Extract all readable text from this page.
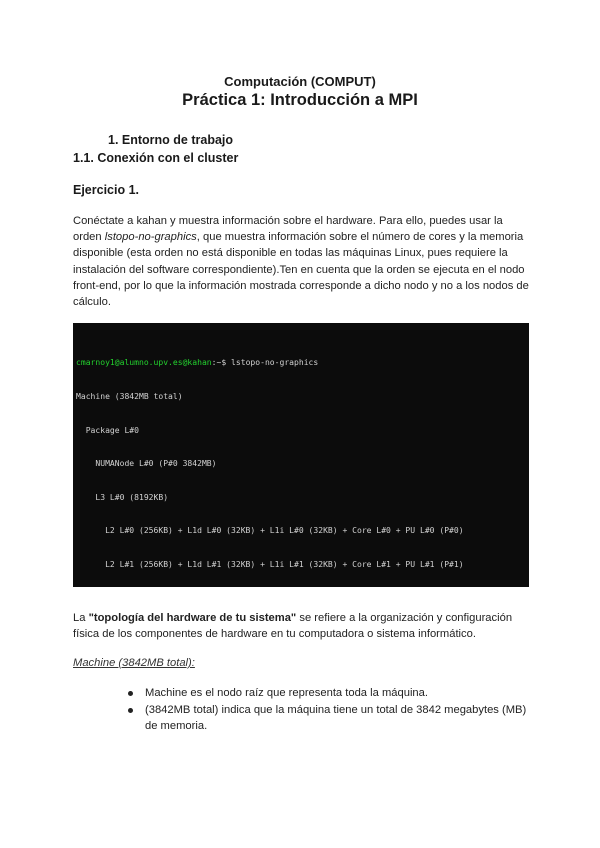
Computación (COMPUT)
Práctica 1: Introducción a MPI
1. Entorno de trabajo
1.1. Conexión con el cluster
Ejercicio 1.

Conéctate a kahan y muestra información sobre el hardware. Para ello, puedes usar la orden lstopo-no-graphics, que muestra información sobre el número de cores y la memoria disponible (esta orden no está disponible en todas las máquinas Linux, pues requiere la instalación del software correspondiente).Ten en cuenta que la orden se ejecuta en el nodo front-end, por lo que la información mostrada corresponde a dicho nodo y no a los nodos de cálculo.

cmarnoy1@alumno.upv.es@kahan:~$ lstopo-no-graphics

Machine (3842MB total)

Package L#0

NUMANode L#0 (P#0 3842MB)

L3 L#0 (8192KB)

L2 L#0 (256KB) + L1d L#0 (32KB) + L1i L#0 (32KB) + Core L#0 + PU L#0 (P#0)

L2 L#1 (256KB) + L1d L#1 (32KB) + L1i L#1 (32KB) + Core L#1 + PU L#1 (P#1)

La "topología del hardware de tu sistema" se refiere a la organización y configuración física de los componentes de hardware en tu computadora o sistema informático.

Machine (3842MB total):
Machine es el nodo raíz que representa toda la máquina.
(3842MB total) indica que la máquina tiene un total de 3842 megabytes (MB) de memoria.
